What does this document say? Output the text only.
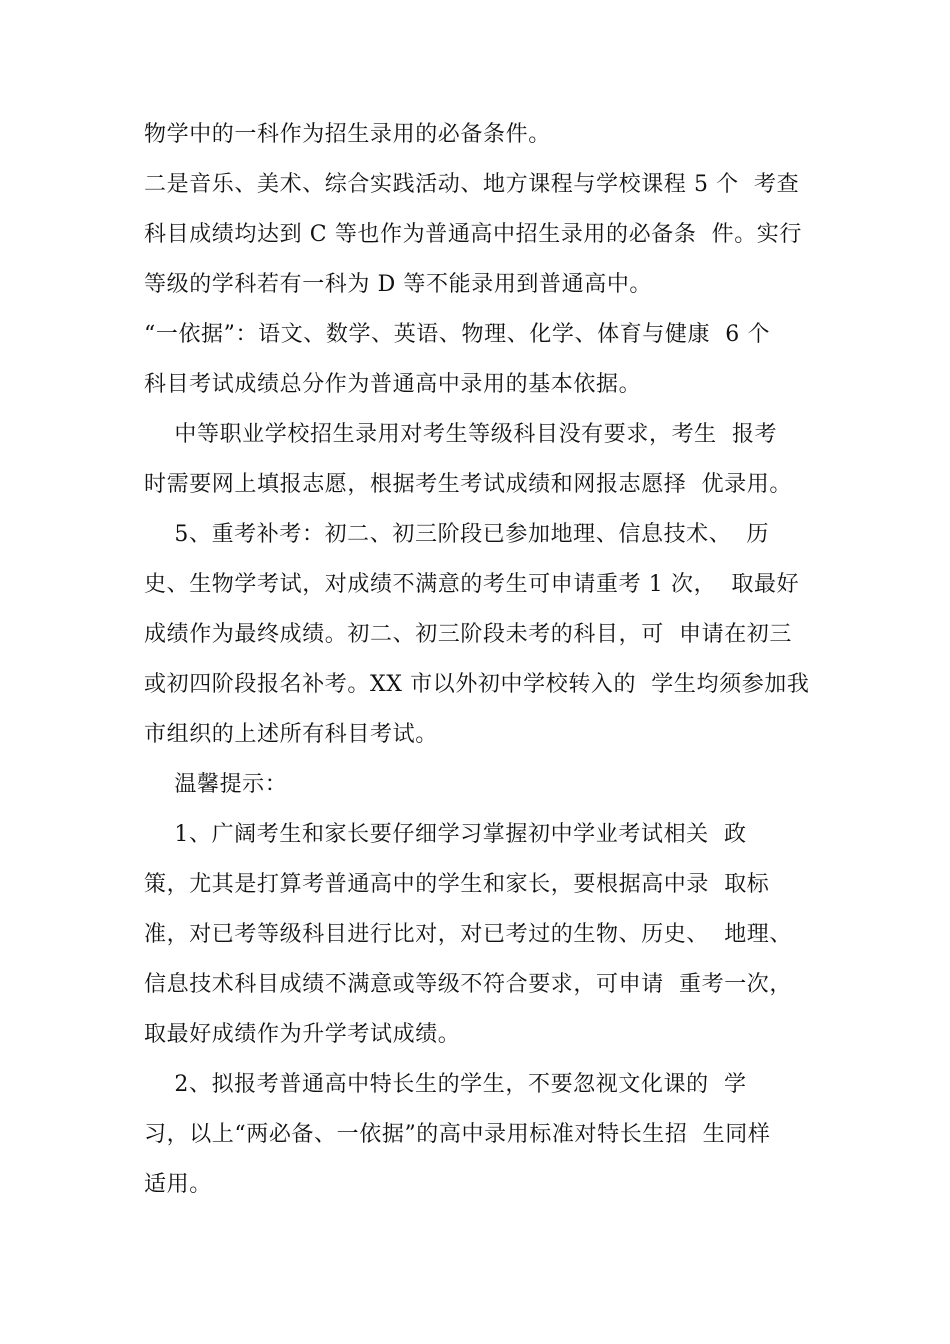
物学中的一科作为招生录用的必备条件。
二是音乐、美术、综合实践活动、地方课程与学校课程 5 个  考查
科目成绩均达到 C 等也作为普通高中招生录用的必备条  件。实行
等级的学科若有一科为 D 等不能录用到普通高中。
“一依据”：语文、数学、英语、物理、化学、体育与健康  6 个
科目考试成绩总分作为普通高中录用的基本依据。
中等职业学校招生录用对考生等级科目没有要求，考生  报考
时需要网上填报志愿，根据考生考试成绩和网报志愿择  优录用。
5、重考补考：初二、初三阶段已参加地理、信息技术、  历
史、生物学考试，对成绩不满意的考生可申请重考 1 次，  取最好
成绩作为最终成绩。初二、初三阶段未考的科目，可  申请在初三
或初四阶段报名补考。XX 市以外初中学校转入的  学生均须参加我
市组织的上述所有科目考试。
温馨提示：
1、广阔考生和家长要仔细学习掌握初中学业考试相关  政
策，尤其是打算考普通高中的学生和家长，要根据高中录  取标
准，对已考等级科目进行比对，对已考过的生物、历史、  地理、
信息技术科目成绩不满意或等级不符合要求，可申请  重考一次，
取最好成绩作为升学考试成绩。
2、拟报考普通高中特长生的学生，不要忽视文化课的  学
习，以上“两必备、一依据”的高中录用标准对特长生招  生同样
适用。
